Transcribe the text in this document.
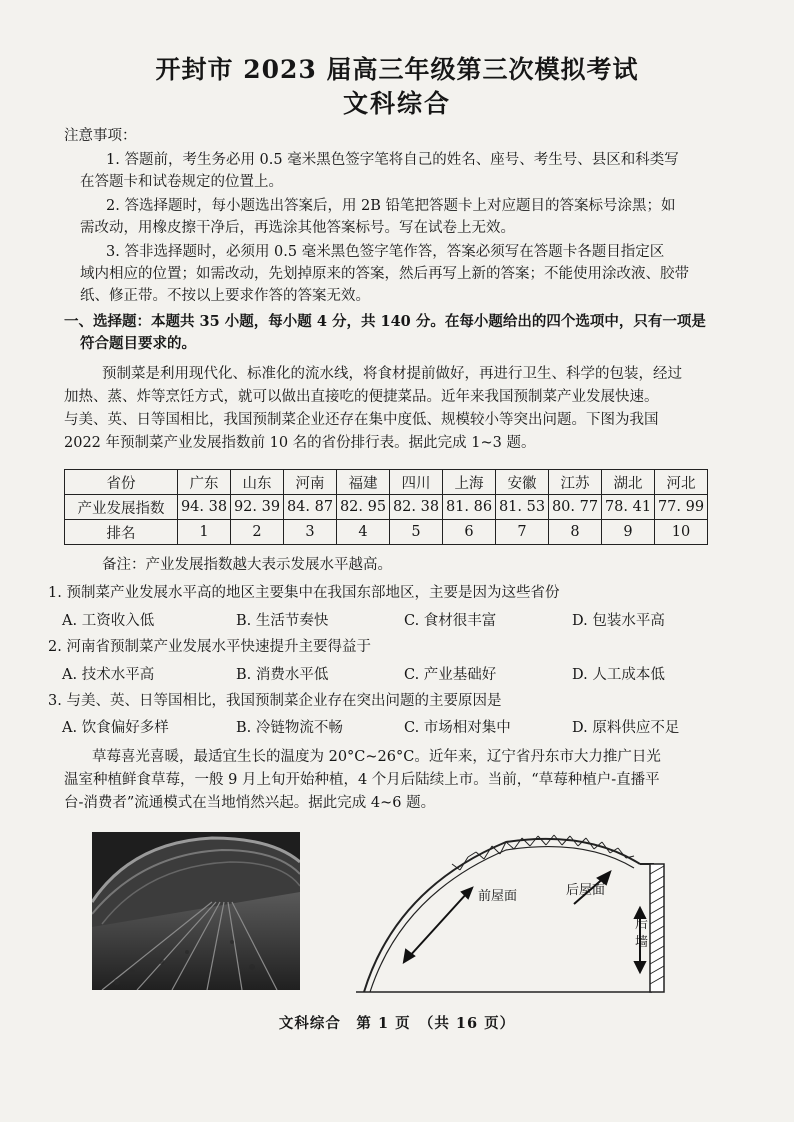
开封市 2023 届高三年级第三次模拟考试
文科综合
注意事项：
1. 答题前，考生务必用 0.5 毫米黑色签字笔将自己的姓名、座号、考生号、县区和科类写
在答题卡和试卷规定的位置上。
2. 答选择题时，每小题选出答案后，用 2B 铅笔把答题卡上对应题目的答案标号涂黑；如
需改动，用橡皮擦干净后，再选涂其他答案标号。写在试卷上无效。
3. 答非选择题时，必须用 0.5 毫米黑色签字笔作答，答案必须写在答题卡各题目指定区
域内相应的位置；如需改动，先划掉原来的答案，然后再写上新的答案；不能使用涂改液、胶带
纸、修正带。不按以上要求作答的答案无效。
一、选择题：本题共 35 小题，每小题 4 分，共 140 分。在每小题给出的四个选项中，只有一项是
符合题目要求的。
预制菜是利用现代化、标准化的流水线，将食材提前做好，再进行卫生、科学的包装，经过
加热、蒸、炸等烹饪方式，就可以做出直接吃的便捷菜品。近年来我国预制菜产业发展快速。
与美、英、日等国相比，我国预制菜企业还存在集中度低、规模较小等突出问题。下图为我国
2022 年预制菜产业发展指数前 10 名的省份排行表。据此完成 1~3 题。
省份	广东	山东	河南	福建	四川	上海	安徽	江苏	湖北	河北
产业发展指数	94. 38	92. 39	84. 87	82. 95	82. 38	81. 86	81. 53	80. 77	78. 41	77. 99
排名	1	2	3	4	5	6	7	8	9	10
备注：产业发展指数越大表示发展水平越高。
1. 预制菜产业发展水平高的地区主要集中在我国东部地区，主要是因为这些省份
A. 工资收入低	B. 生活节奏快	C. 食材很丰富	D. 包装水平高
2. 河南省预制菜产业发展水平快速提升主要得益于
A. 技术水平高	B. 消费水平低	C. 产业基础好	D. 人工成本低
3. 与美、英、日等国相比，我国预制菜企业存在突出问题的主要原因是
A. 饮食偏好多样	B. 冷链物流不畅	C. 市场相对集中	D. 原料供应不足
草莓喜光喜暖，最适宜生长的温度为 20°C~26°C。近年来，辽宁省丹东市大力推广日光
温室种植鲜食草莓，一般 9 月上旬开始种植，4 个月后陆续上市。当前，“草莓种植户-直播平
台-消费者”流通模式在当地悄然兴起。据此完成 4~6 题。
前屋面	后屋面
后
墙
文科综合　第 1 页　（共 16 页）
